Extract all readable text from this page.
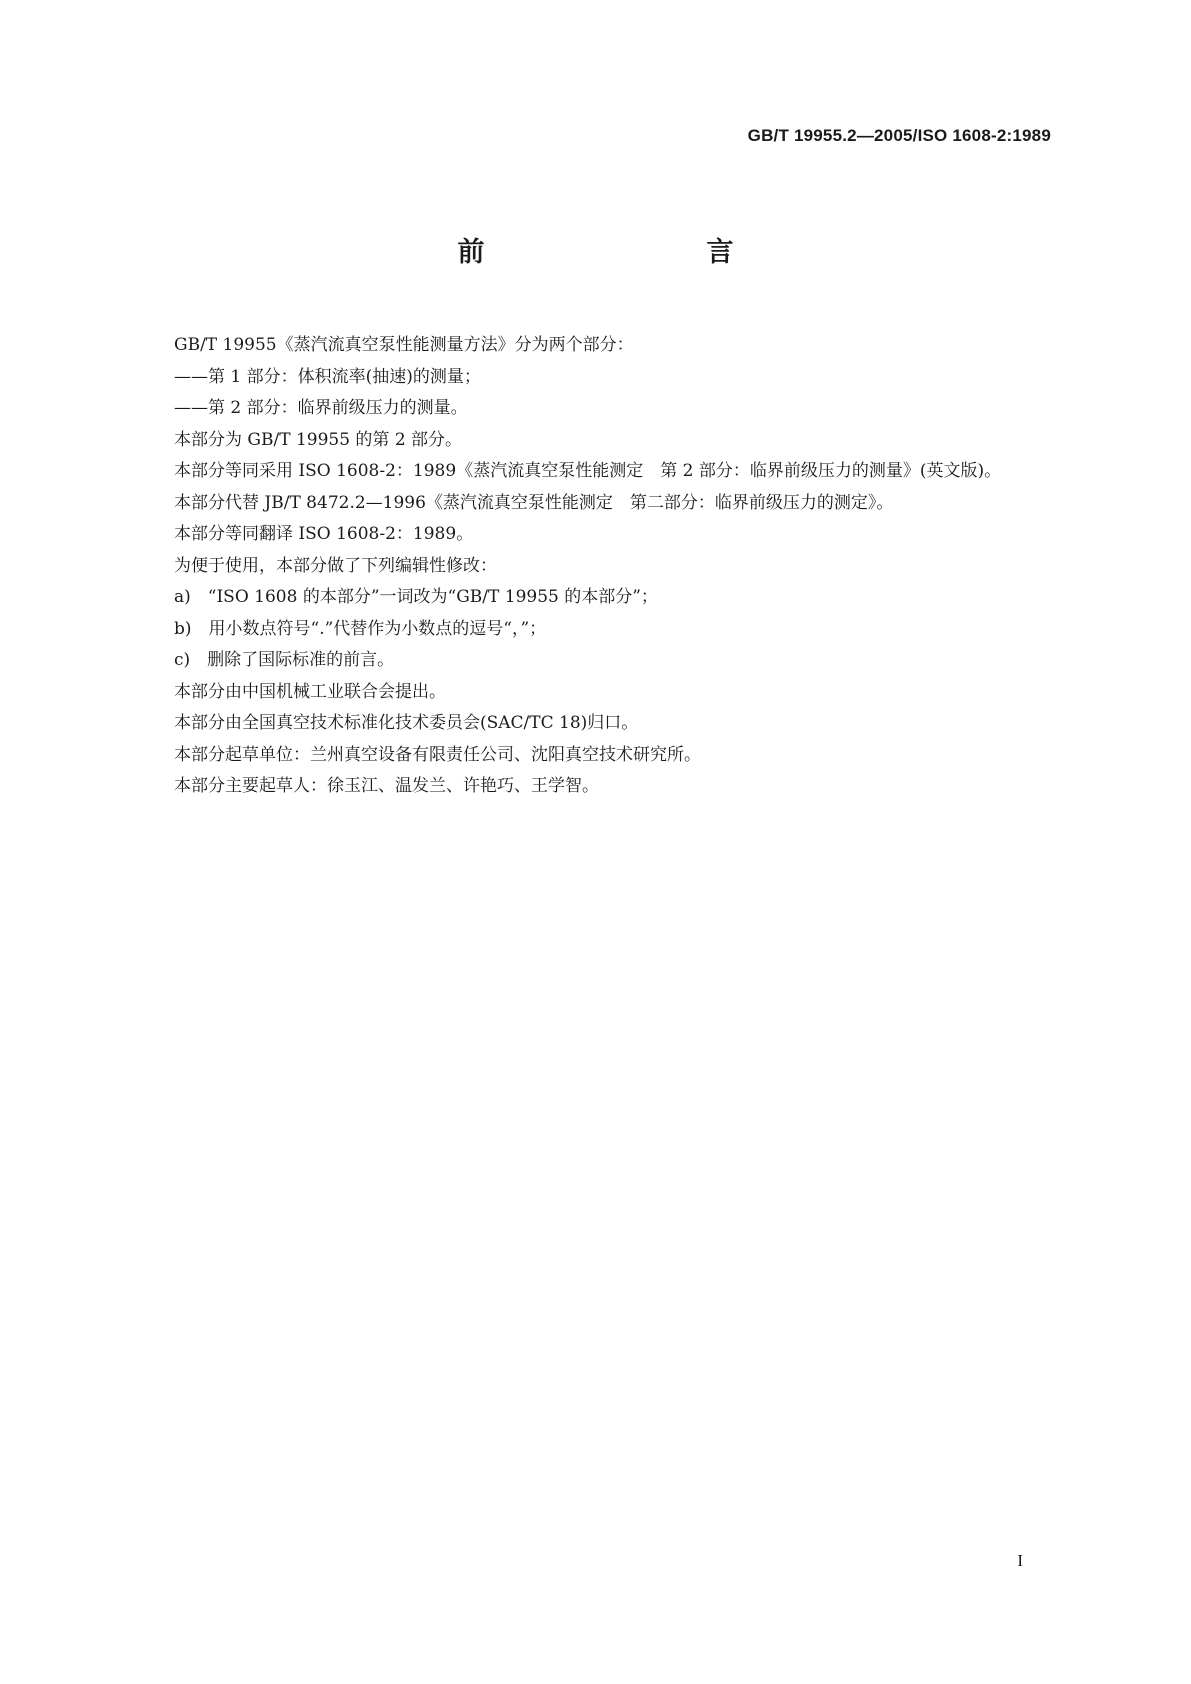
GB/T 19955.2—2005/ISO 1608-2:1989
前　　言

GB/T 19955《蒸汽流真空泵性能测量方法》分为两个部分：

——第 1 部分：体积流率(抽速)的测量；

——第 2 部分：临界前级压力的测量。

本部分为 GB/T 19955 的第 2 部分。

本部分等同采用 ISO 1608-2：1989《蒸汽流真空泵性能测定　第 2 部分：临界前级压力的测量》(英文版)。

本部分代替 JB/T 8472.2—1996《蒸汽流真空泵性能测定　第二部分：临界前级压力的测定》。

本部分等同翻译 ISO 1608-2：1989。

为便于使用，本部分做了下列编辑性修改：

a)　“ISO 1608 的本部分”一词改为“GB/T 19955 的本部分”；

b)　用小数点符号“.”代替作为小数点的逗号“，”；

c)　删除了国际标准的前言。

本部分由中国机械工业联合会提出。

本部分由全国真空技术标准化技术委员会(SAC/TC 18)归口。

本部分起草单位：兰州真空设备有限责任公司、沈阳真空技术研究所。

本部分主要起草人：徐玉江、温发兰、许艳巧、王学智。

I
